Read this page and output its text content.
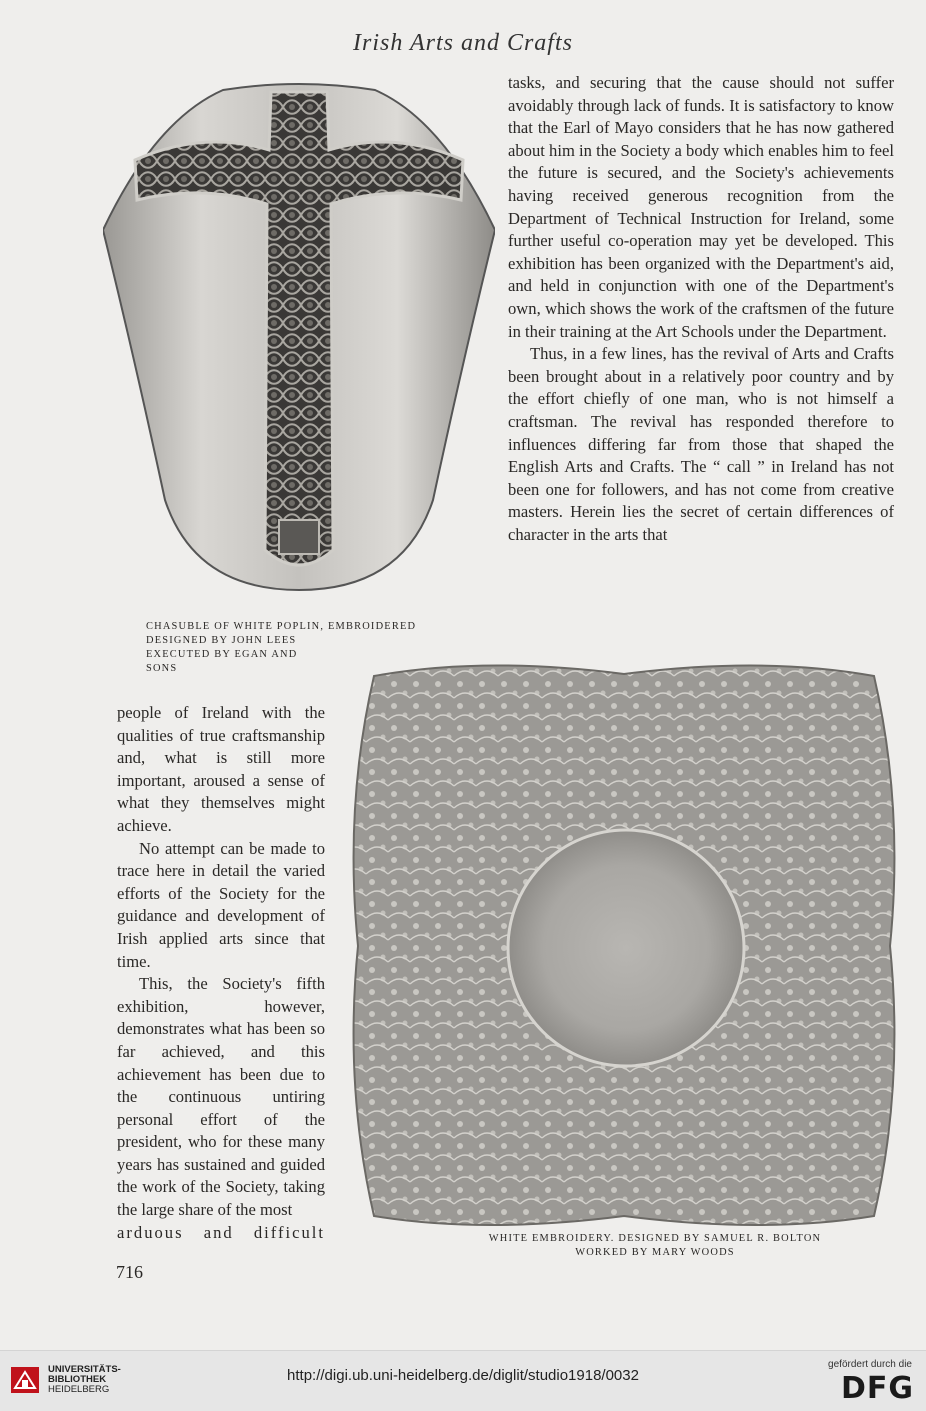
Irish Arts and Crafts
CHASUBLE OF WHITE POPLIN, EMBROIDERED
DESIGNED BY JOHN LEES
EXECUTED BY EGAN AND
SONS
WHITE EMBROIDERY. DESIGNED BY SAMUEL R. BOLTON
WORKED BY MARY WOODS

tasks, and securing that the cause should not suffer avoidably through lack of funds. It is satisfactory to know that the Earl of Mayo considers that he has now gathered about him in the Society a body which enables him to feel the future is secured, and the Society's achievements having received generous recognition from the Department of Technical Instruction for Ireland, some further useful co-operation may yet be developed. This exhibition has been organized with the Department's aid, and held in conjunction with one of the Department's own, which shows the work of the craftsmen of the future in their training at the Art Schools under the Department.

Thus, in a few lines, has the revival of Arts and Crafts been brought about in a relatively poor country and by the effort chiefly of one man, who is not himself a craftsman. The revival has responded therefore to influences differing far from those that shaped the English Arts and Crafts. The “ call ” in Ireland has not been one for followers, and has not come from creative masters. Herein lies the secret of certain differences of character in the arts that

people of Ireland with the qualities of true craftsmanship and, what is still more important, aroused a sense of what they themselves might achieve.

No attempt can be made to trace here in detail the varied efforts of the Society for the guidance and development of Irish applied arts since that time.

This, the Society's fifth exhibition, however, demonstrates what has been so far achieved, and this achievement has been due to the continuous untiring personal effort of the president, who for these many years has sustained and guided the work of the Society, taking the large share of the most

arduous and difficult

716
UNIVERSITÄTS-
BIBLIOTHEK
HEIDELBERG
http://digi.ub.uni-heidelberg.de/diglit/studio1918/0032
gefördert durch die
DFG
